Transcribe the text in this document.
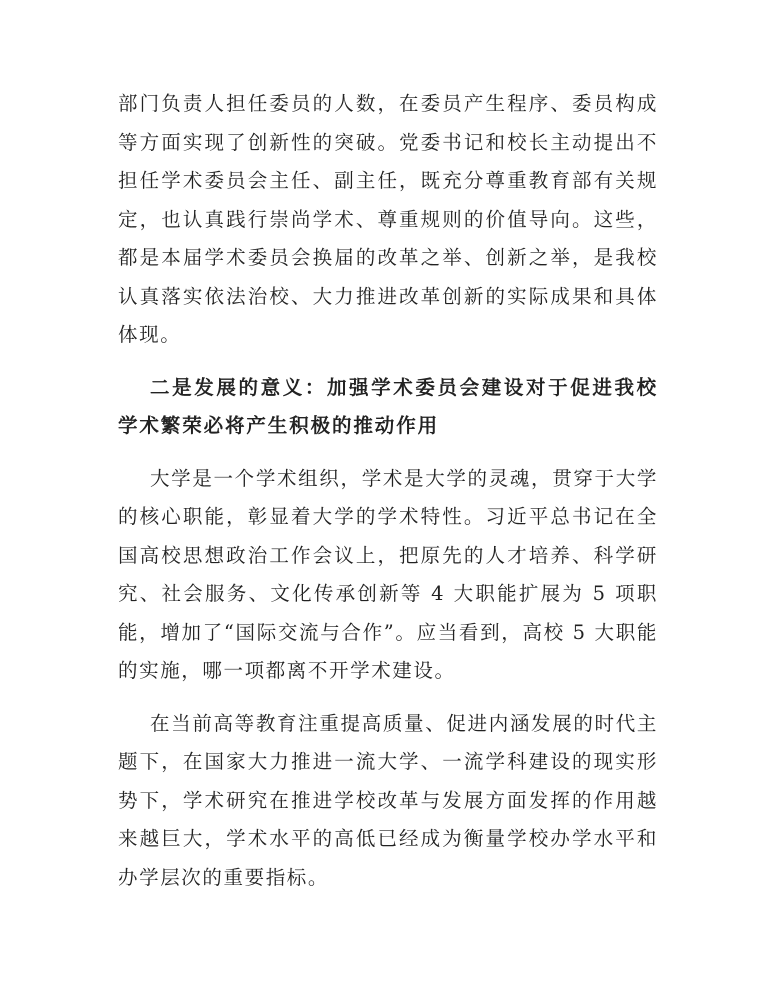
部门负责人担任委员的人数，在委员产生程序、委员构成等方面实现了创新性的突破。党委书记和校长主动提出不担任学术委员会主任、副主任，既充分尊重教育部有关规定，也认真践行崇尚学术、尊重规则的价值导向。这些，都是本届学术委员会换届的改革之举、创新之举，是我校认真落实依法治校、大力推进改革创新的实际成果和具体体现。

二是发展的意义：加强学术委员会建设对于促进我校学术繁荣必将产生积极的推动作用

大学是一个学术组织，学术是大学的灵魂，贯穿于大学的核心职能，彰显着大学的学术特性。习近平总书记在全国高校思想政治工作会议上，把原先的人才培养、科学研究、社会服务、文化传承创新等 4 大职能扩展为 5 项职能，增加了“国际交流与合作”。应当看到，高校 5 大职能的实施，哪一项都离不开学术建设。

在当前高等教育注重提高质量、促进内涵发展的时代主题下，在国家大力推进一流大学、一流学科建设的现实形势下，学术研究在推进学校改革与发展方面发挥的作用越来越巨大，学术水平的高低已经成为衡量学校办学水平和办学层次的重要指标。
